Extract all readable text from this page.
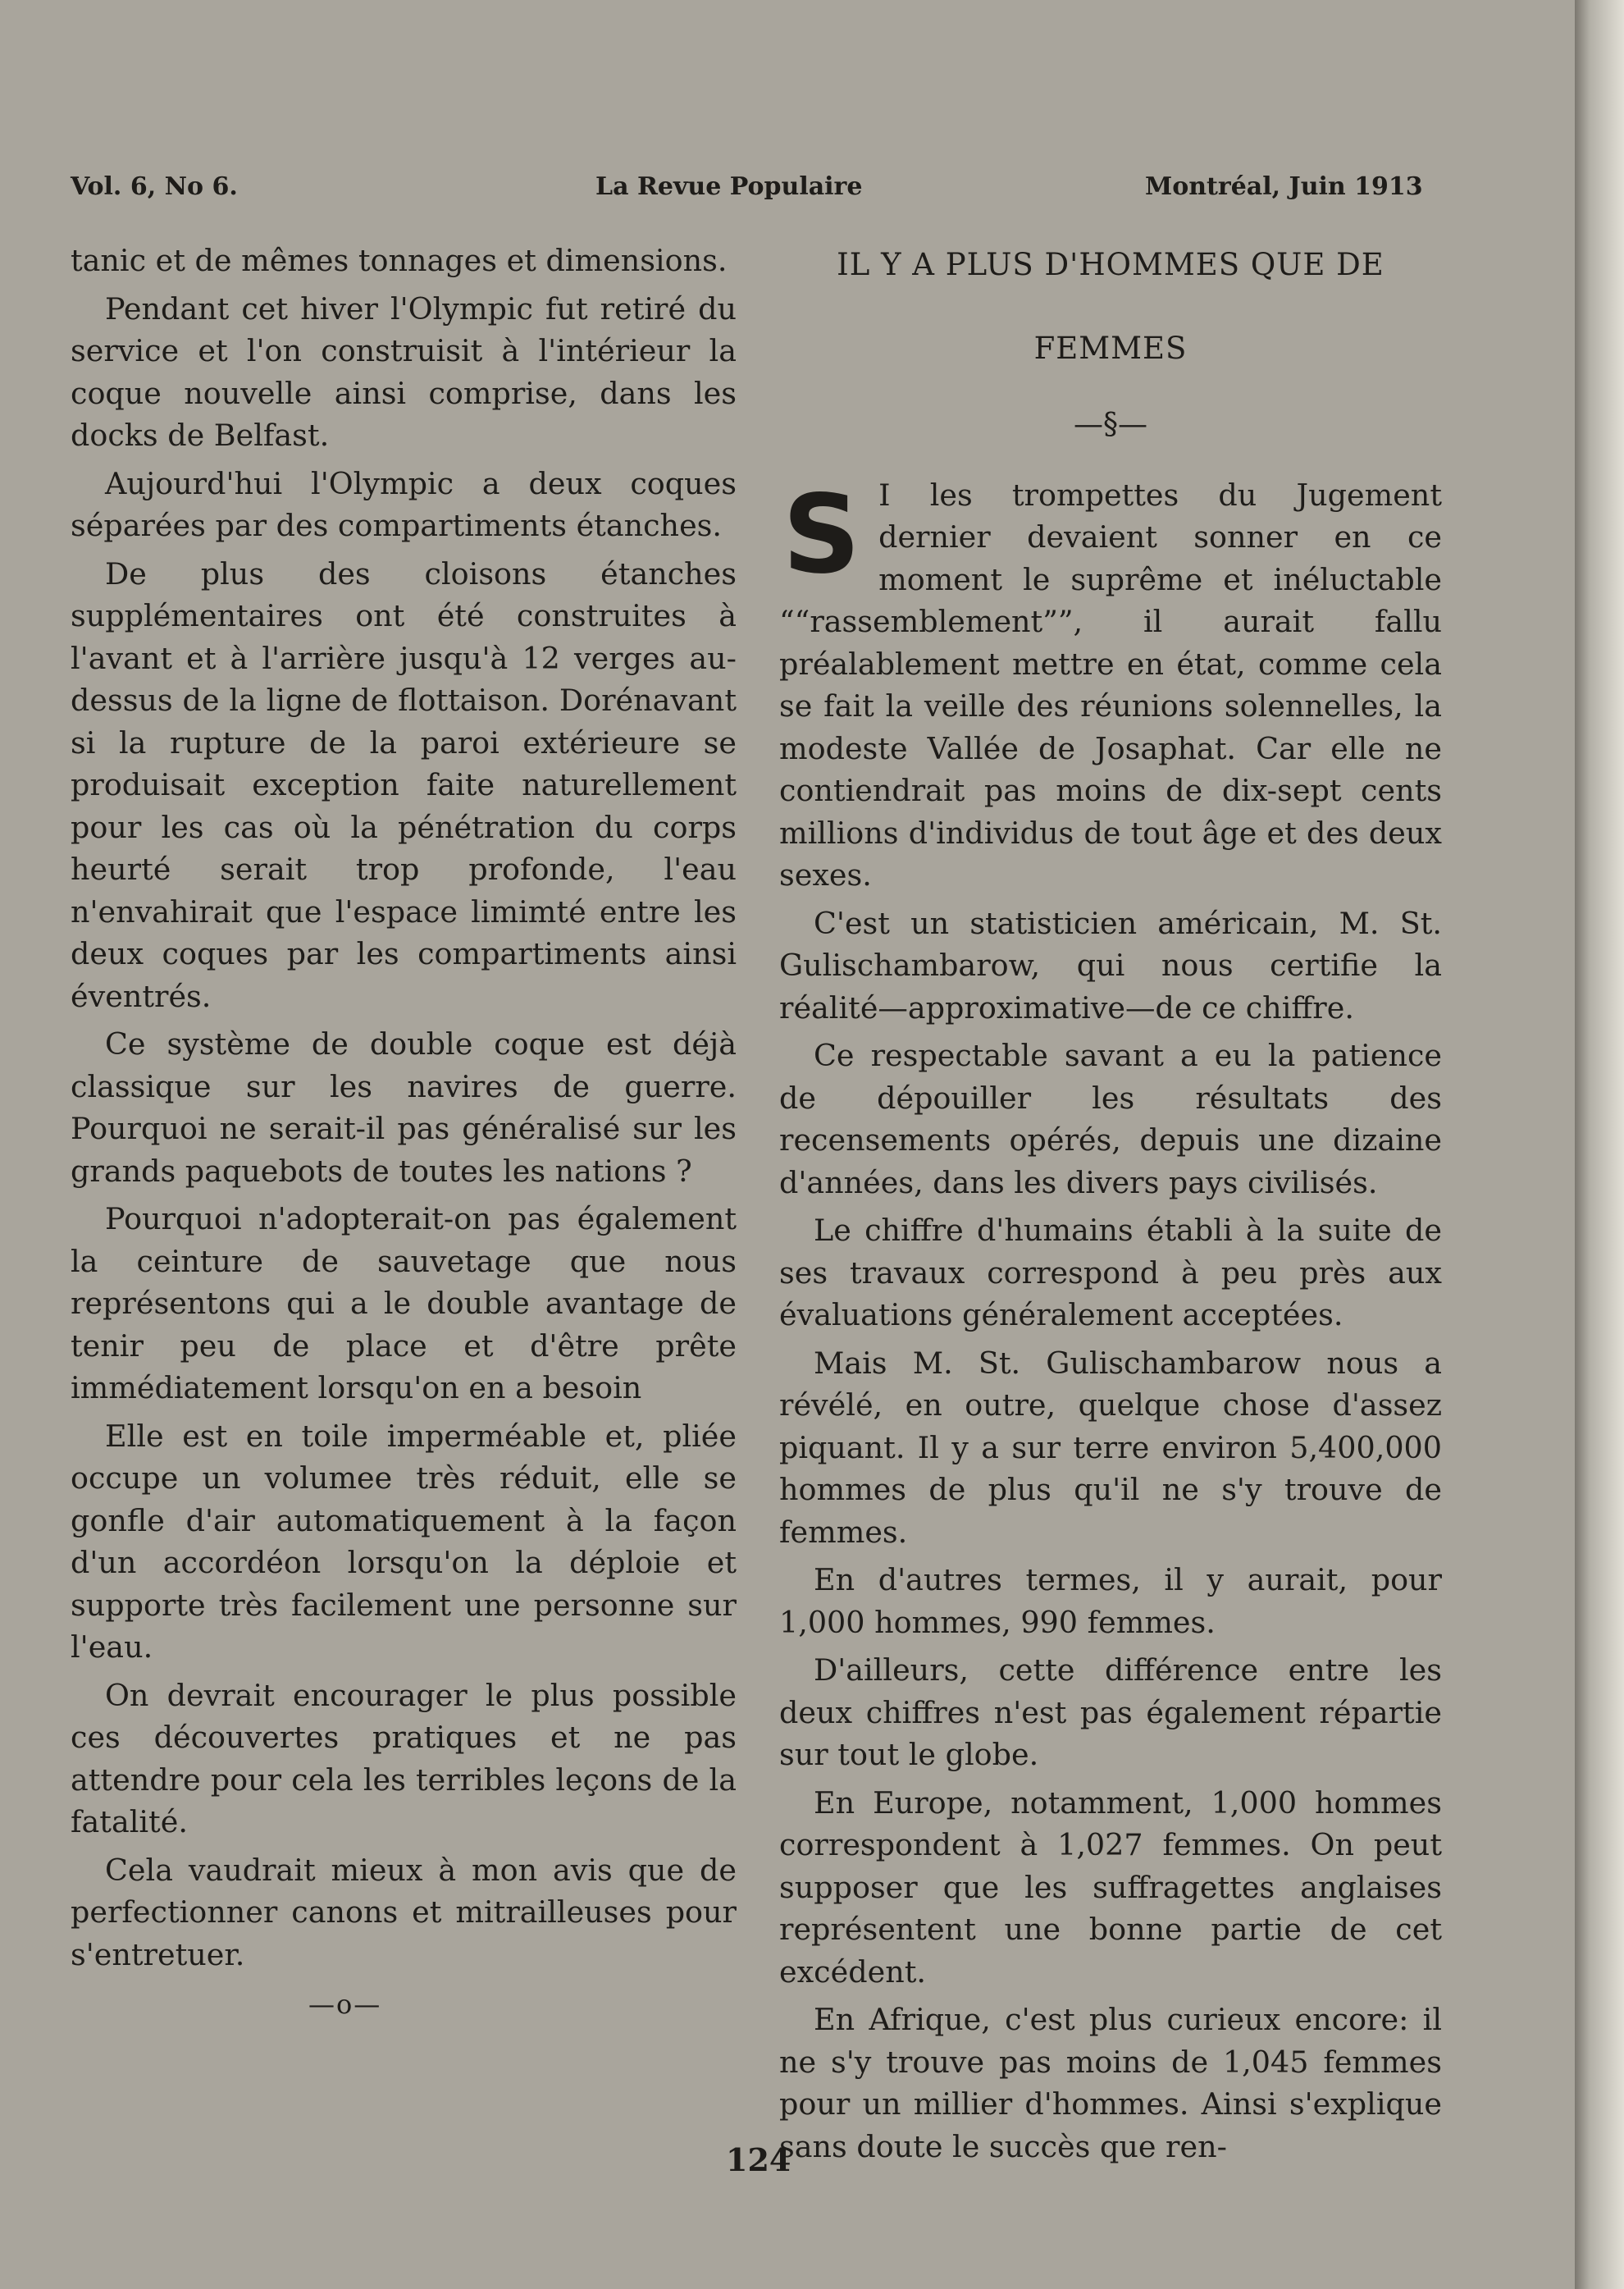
Vol. 6, No 6.	La Revue Populaire	Montréal, Juin 1913

tanic et de mêmes tonnages et dimensions.

Pendant cet hiver l'Olympic fut retiré du service et l'on construisit à l'intérieur la coque nouvelle ainsi comprise, dans les docks de Belfast.

Aujourd'hui l'Olympic a deux coques séparées par des compartiments étanches.

De plus des cloisons étanches supplémentaires ont été construites à l'avant et à l'arrière jusqu'à 12 verges au-dessus de la ligne de flottaison. Dorénavant si la rupture de la paroi extérieure se produisait exception faite naturellement pour les cas où la pénétration du corps heurté serait trop profonde, l'eau n'envahirait que l'espace limimté entre les deux coques par les compartiments ainsi éventrés.

Ce système de double coque est déjà classique sur les navires de guerre. Pourquoi ne serait-il pas généralisé sur les grands paquebots de toutes les nations ?

Pourquoi n'adopterait-on pas également la ceinture de sauvetage que nous représentons qui a le double avantage de tenir peu de place et d'être prête immédiatement lorsqu'on en a besoin

Elle est en toile imperméable et, pliée occupe un volumee très réduit, elle se gonfle d'air automatiquement à la façon d'un accordéon lorsqu'on la déploie et supporte très facilement une personne sur l'eau.

On devrait encourager le plus possible ces découvertes pratiques et ne pas attendre pour cela les terribles leçons de la fatalité.

Cela vaudrait mieux à mon avis que de perfectionner canons et mitrailleuses pour s'entretuer.

—o—
IL Y A PLUS D'HOMMES QUE DE
FEMMES
—§—

S I les trompettes du Jugement dernier devaient sonner en ce moment le suprême et inéluctable ““rassemblement””, il aurait fallu préalablement mettre en état, comme cela se fait la veille des réunions solennelles, la modeste Vallée de Josaphat. Car elle ne contiendrait pas moins de dix-sept cents millions d'individus de tout âge et des deux sexes.

C'est un statisticien américain, M. St. Gulischambarow, qui nous certifie la réalité—approximative—de ce chiffre.

Ce respectable savant a eu la patience de dépouiller les résultats des recensements opérés, depuis une dizaine d'années, dans les divers pays civilisés.

Le chiffre d'humains établi à la suite de ses travaux correspond à peu près aux évaluations généralement acceptées.

Mais M. St. Gulischambarow nous a révélé, en outre, quelque chose d'assez piquant. Il y a sur terre environ 5,400,000 hommes de plus qu'il ne s'y trouve de femmes.

En d'autres termes, il y aurait, pour 1,000 hommes, 990 femmes.

D'ailleurs, cette différence entre les deux chiffres n'est pas également répartie sur tout le globe.

En Europe, notamment, 1,000 hommes correspondent à 1,027 femmes. On peut supposer que les suffragettes anglaises représentent une bonne partie de cet excédent.

En Afrique, c'est plus curieux encore: il ne s'y trouve pas moins de 1,045 femmes pour un millier d'hommes. Ainsi s'explique sans doute le succès que ren-

124
